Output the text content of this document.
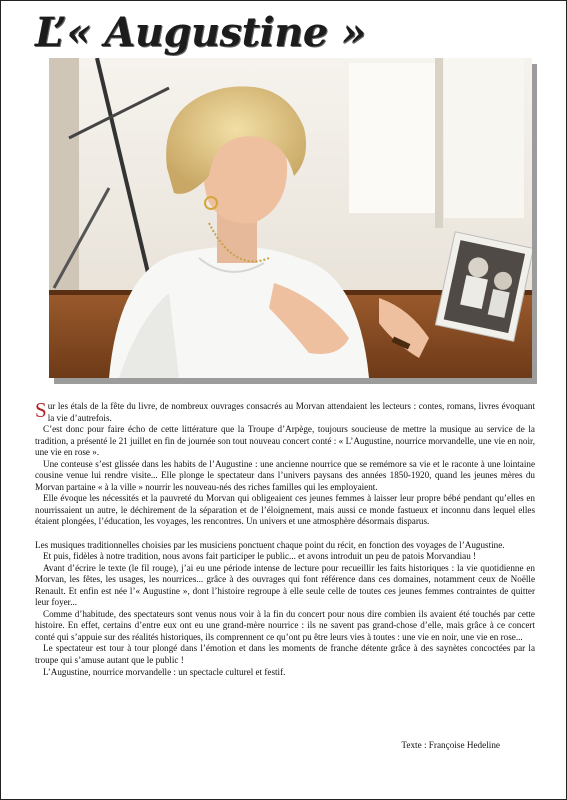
L’« Augustine »

Sur les étals de la fête du livre, de nombreux ouvrages consacrés au Morvan attendaient les lecteurs : contes, romans, livres évoquant la vie d’autrefois.

C’est donc pour faire écho de cette littérature que la Troupe d’Arpège, toujours soucieuse de mettre la musique au service de la tradition, a présenté le 21 juillet en fin de journée son tout nouveau concert conté : « L’Augustine, nourrice morvandelle, une vie en noir, une vie en rose ».

Une conteuse s’est glissée dans les habits de l’Augustine : une ancienne nourrice que se remémore sa vie et le raconte à une lointaine cousine venue lui rendre visite... Elle plonge le spectateur dans l’univers paysans des années 1850-1920, quand les jeunes mères du Morvan partaine « à la ville » nourrir les nouveau-nés des riches familles qui les employaient.

Elle évoque les nécessités et la pauvreté du Morvan qui obligeaient ces jeunes femmes à laisser leur propre bébé pendant qu’elles en nourrissaient un autre, le déchirement de la séparation et de l’éloignement, mais aussi ce monde fastueux et inconnu dans lequel elles étaient plongées, l’éducation, les voyages, les rencontres. Un univers et une atmosphère désormais disparus.

Les musiques traditionnelles choisies par les musiciens ponctuent chaque point du récit, en fonction des voyages de l’Augustine.

Et puis, fidèles à notre tradition, nous avons fait participer le public... et avons introduit un peu de patois Morvandiau !

Avant d’écrire le texte (le fil rouge), j’ai eu une période intense de lecture pour recueillir les faits historiques : la vie quotidienne en Morvan, les fêtes, les usages, les nourrices... grâce à des ouvrages qui font référence dans ces domaines, notamment ceux de Noëlle Renault. Et enfin est née l’« Augustine », dont l’histoire regroupe à elle seule celle de toutes ces jeunes femmes contraintes de quitter leur foyer...

Comme d’habitude, des spectateurs sont venus nous voir à la fin du concert pour nous dire combien ils avaient été touchés par cette histoire. En effet, certains d’entre eux ont eu une grand-mère nourrice : ils ne savent pas grand-chose d’elle, mais grâce à ce concert conté qui s’appuie sur des réalités historiques, ils comprennent ce qu’ont pu être leurs vies à toutes : une vie en noir, une vie en rose...

Le spectateur est tour à tour plongé dans l’émotion et dans les moments de franche détente grâce à des saynètes concoctées par la troupe qui s’amuse autant que le public !

L’Augustine, nourrice morvandelle : un spectacle culturel et festif.

Texte : Françoise Hedeline
